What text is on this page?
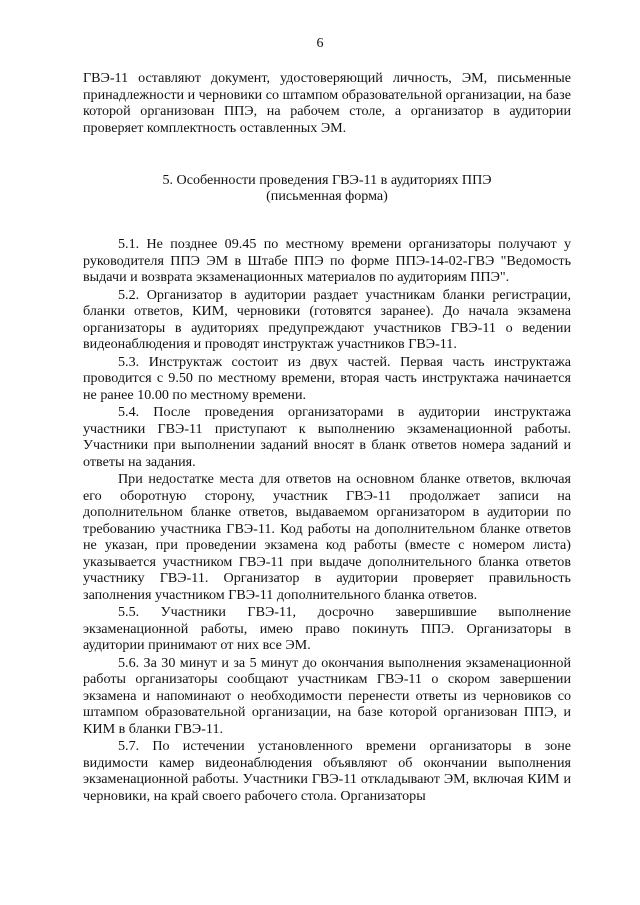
6

ГВЭ-11 оставляют документ, удостоверяющий личность, ЭМ, письменные принадлежности и черновики со штампом образовательной организации, на базе которой организован ППЭ, на рабочем столе, а организатор в аудитории проверяет комплектность оставленных ЭМ.

5. Особенности проведения ГВЭ-11 в аудиториях ППЭ
(письменная форма)

5.1. Не позднее 09.45 по местному времени организаторы получают у руководителя ППЭ ЭМ в Штабе ППЭ по форме ППЭ-14-02-ГВЭ "Ведомость выдачи и возврата экзаменационных материалов по аудиториям ППЭ".

5.2. Организатор в аудитории раздает участникам бланки регистрации, бланки ответов, КИМ, черновики (готовятся заранее). До начала экзамена организаторы в аудиториях предупреждают участников ГВЭ-11 о ведении видеонаблюдения и проводят инструктаж участников ГВЭ-11.

5.3. Инструктаж состоит из двух частей. Первая часть инструктажа проводится с 9.50 по местному времени, вторая часть инструктажа начинается не ранее 10.00 по местному времени.

5.4. После проведения организаторами в аудитории инструктажа участники ГВЭ-11 приступают к выполнению экзаменационной работы. Участники при выполнении заданий вносят в бланк ответов номера заданий и ответы на задания.

При недостатке места для ответов на основном бланке ответов, включая его оборотную сторону, участник ГВЭ-11 продолжает записи на дополнительном бланке ответов, выдаваемом организатором в аудитории по требованию участника ГВЭ-11. Код работы на дополнительном бланке ответов не указан, при проведении экзамена код работы (вместе с номером листа) указывается участником ГВЭ-11 при выдаче дополнительного бланка ответов участнику ГВЭ-11. Организатор в аудитории проверяет правильность заполнения участником ГВЭ-11 дополнительного бланка ответов.

5.5. Участники ГВЭ-11, досрочно завершившие выполнение экзаменационной работы, имею право покинуть ППЭ. Организаторы в аудитории принимают от них все ЭМ.

5.6. За 30 минут и за 5 минут до окончания выполнения экзаменационной работы организаторы сообщают участникам ГВЭ-11 о скором завершении экзамена и напоминают о необходимости перенести ответы из черновиков со штампом образовательной организации, на базе которой организован ППЭ, и КИМ в бланки ГВЭ-11.

5.7. По истечении установленного времени организаторы в зоне видимости камер видеонаблюдения объявляют об окончании выполнения экзаменационной работы. Участники ГВЭ-11 откладывают ЭМ, включая КИМ и черновики, на край своего рабочего стола. Организаторы
